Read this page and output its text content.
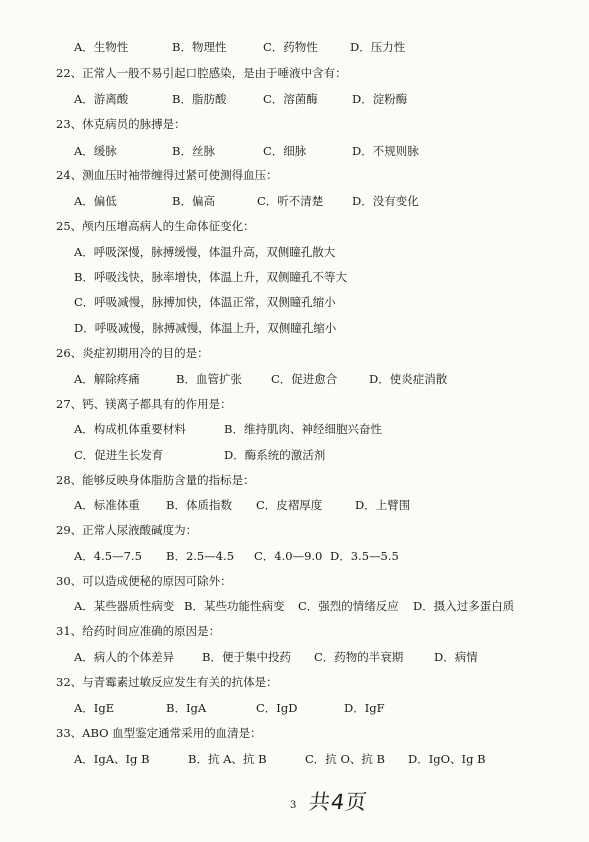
A．生物性	B．物理性	C．药物性	D．压力性
22、正常人一般不易引起口腔感染，是由于唾液中含有：
A．游离酸	B．脂肪酸	C．溶菌酶	D．淀粉酶
23、休克病员的脉搏是：
A．缓脉	B．丝脉	C．细脉	D．不规则脉
24、测血压时袖带缠得过紧可使测得血压：
A．偏低	B．偏高	C．听不清楚 D．没有变化
25、颅内压增高病人的生命体征变化：
A．呼吸深慢，脉搏缓慢，体温升高，双侧瞳孔散大
B．呼吸浅快，脉率增快，体温上升，双侧瞳孔不等大
C．呼吸减慢，脉搏加快，体温正常，双侧瞳孔缩小
D．呼吸减慢，脉搏减慢，体温上升，双侧瞳孔缩小
26、炎症初期用冷的目的是：
A．解除疼痛	B．血管扩张	C．促进愈合	D．使炎症消散
27、钙、镁离子都具有的作用是：
A．构成机体重要材料	B．维持肌肉、神经细胞兴奋性
C．促进生长发育	D．酶系统的激活剂
28、能够反映身体脂肪含量的指标是：
A．标准体重 B．体质指数 C．皮褶厚度	D．上臂围
29、正常人尿液酸碱度为：
A．4.5—7.5 B．2.5—4.5 C．4.0—9.0 D．3.5—5.5
30、可以造成便秘的原因可除外：
A．某些器质性病变 B．某些功能性病变 C．强烈的情绪反应 D．摄入过多蛋白质
31、给药时间应准确的原因是：
A．病人的个体差异 B．便于集中投药 C．药物的半衰期	D．病情
32、与青霉素过敏反应发生有关的抗体是：
A．IgE	B．IgA	C．IgD	D．IgF
33、ABO 血型鉴定通常采用的血清是：
A．IgA、Ig B	B．抗 A、抗 B	C．抗 O、抗 B D．IgO、Ig B
3 共4页
